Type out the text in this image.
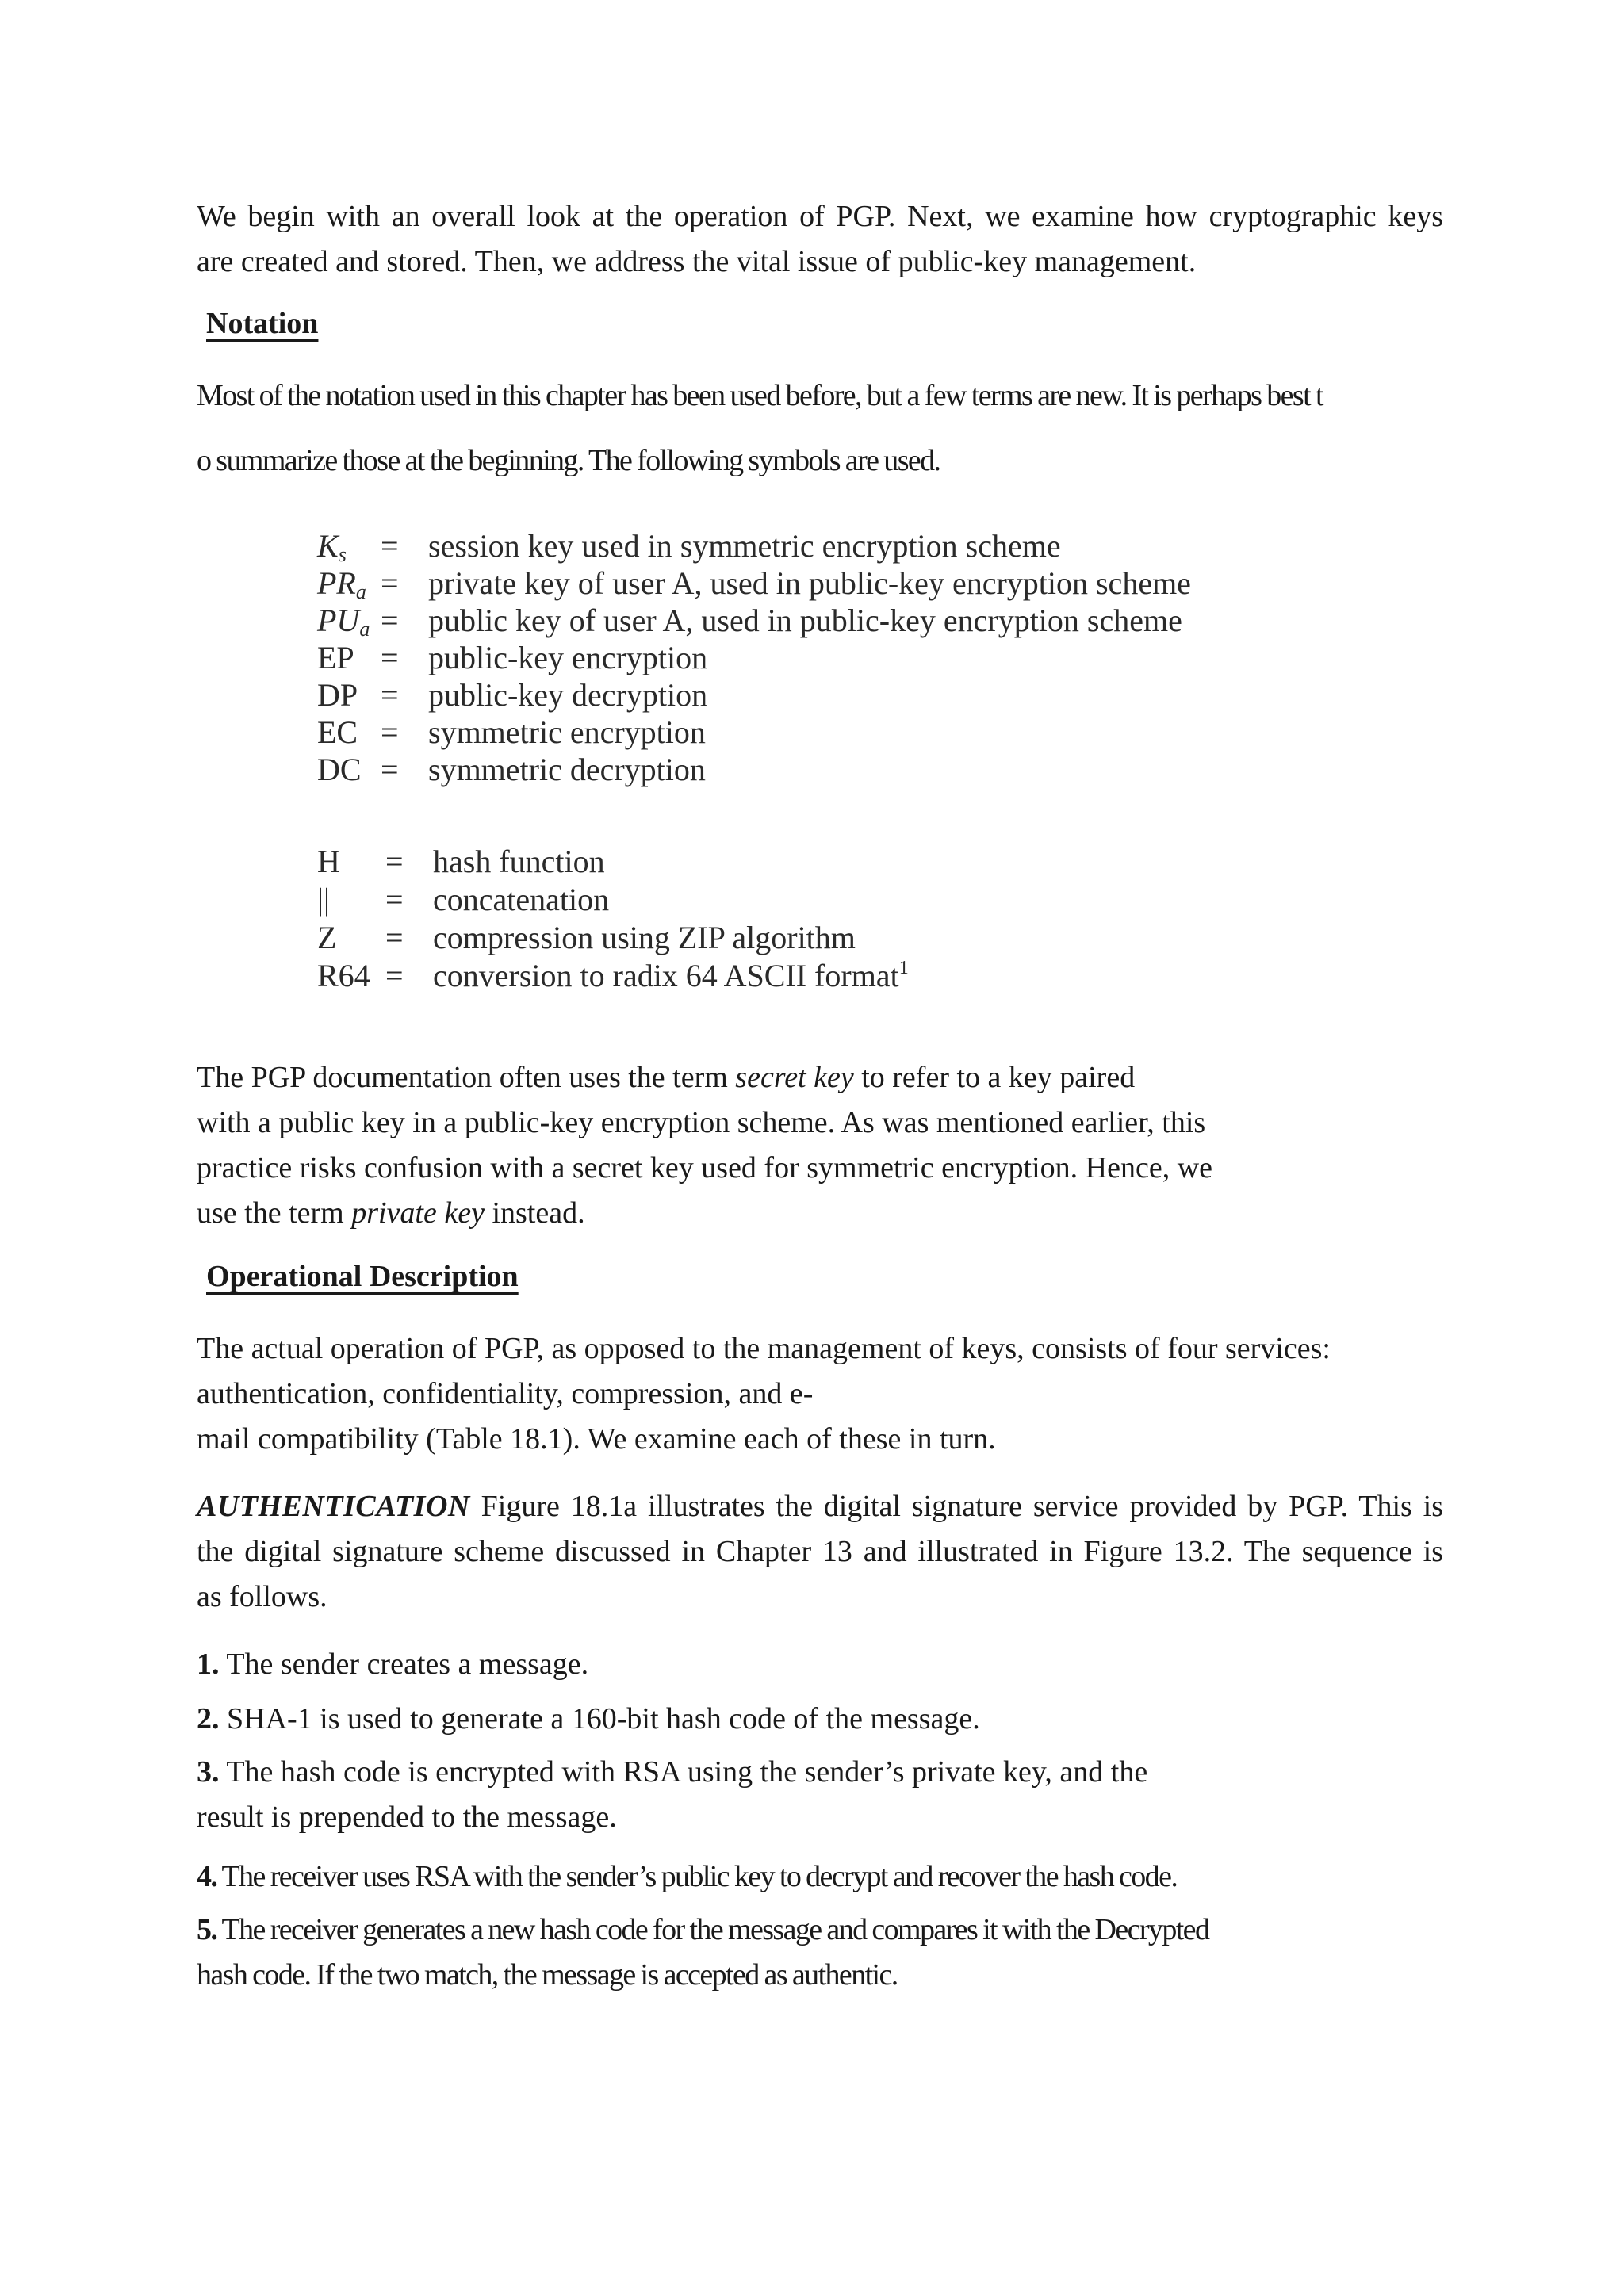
We begin with an overall look at the operation of PGP. Next, we examine how cryptographic keys

are created and stored. Then, we address the vital issue of public-key management.

Notation

Most of the notation used in this chapter has been used before, but a few terms are new. It is perhaps best t

o summarize those at the beginning. The following symbols are used.

$K_s$	= session key used in symmetric encryption scheme
$PR_a$ = private key of user A, used in public-key encryption scheme
$PU_a$ = public key of user A, used in public-key encryption scheme
EP = public-key encryption
DP = public-key decryption
EC = symmetric encryption
DC = symmetric decryption
H	= hash function
||	= concatenation
Z	= compression using ZIP algorithm
R64 = conversion to radix 64 ASCII format$^1$

The PGP documentation often uses the term secret key to refer to a key paired

with a public key in a public-key encryption scheme. As was mentioned earlier, this

practice risks confusion with a secret key used for symmetric encryption. Hence, we

use the term private key instead.

Operational Description

The actual operation of PGP, as opposed to the management of keys, consists of four services:

authentication, confidentiality, compression, and e-

mail compatibility (Table 18.1). We examine each of these in turn.

AUTHENTICATION Figure 18.1a illustrates the digital signature service provided by PGP. This is

the digital signature scheme discussed in Chapter 13 and illustrated in Figure 13.2. The sequence is

as follows.

1. The sender creates a message.

2. SHA-1 is used to generate a 160-bit hash code of the message.

3. The hash code is encrypted with RSA using the sender’s private key, and the

result is prepended to the message.

4. The receiver uses RSA with the sender’s public key to decrypt and recover the hash code.

5. The receiver generates a new hash code for the message and compares it with the Decrypted

hash code. If the two match, the message is accepted as authentic.
